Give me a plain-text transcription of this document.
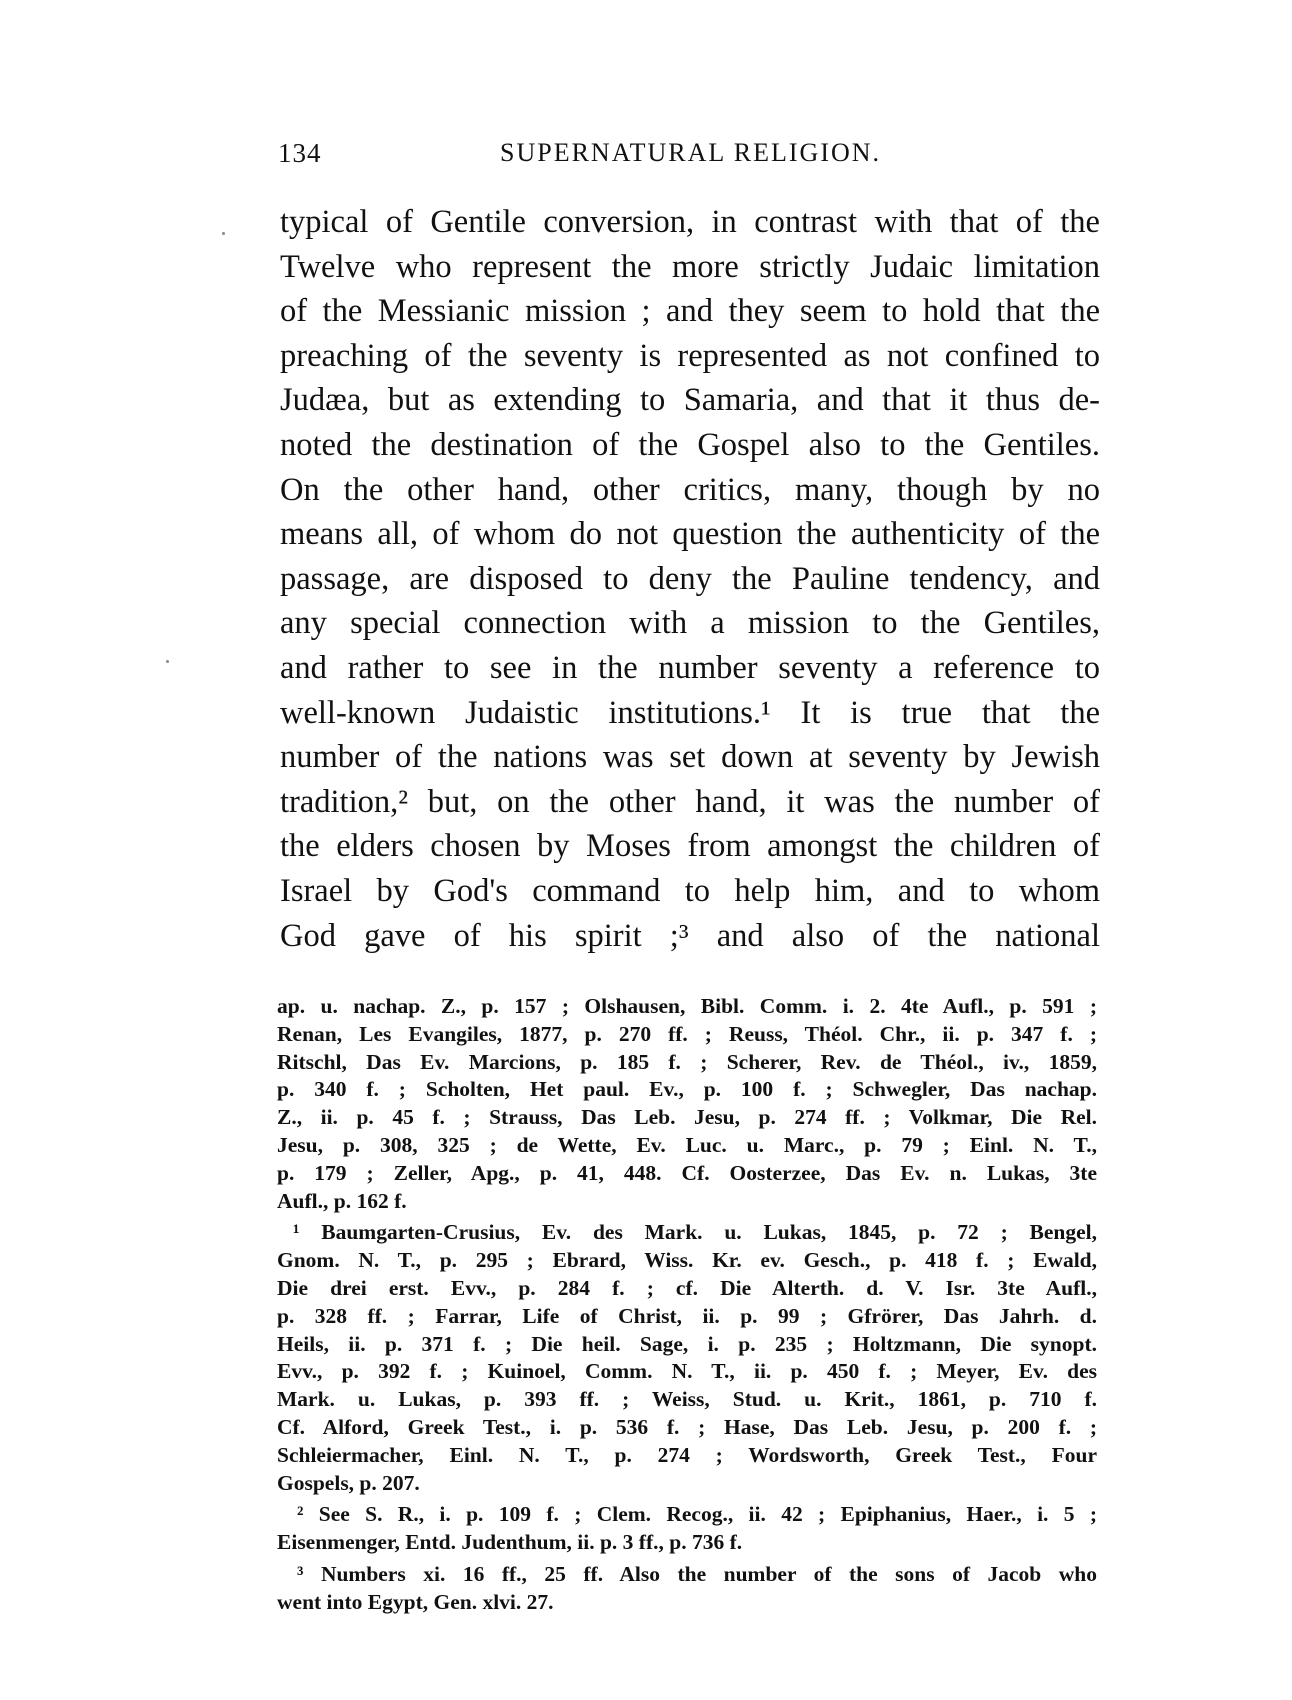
134	SUPERNATURAL RELIGION.
typical of Gentile conversion, in contrast with that of the
Twelve who represent the more strictly Judaic limitation
of the Messianic mission ; and they seem to hold that the
preaching of the seventy is represented as not confined to
Judæa, but as extending to Samaria, and that it thus de-
noted the destination of the Gospel also to the Gentiles.
On the other hand, other critics, many, though by no
means all, of whom do not question the authenticity of the
passage, are disposed to deny the Pauline tendency, and
any special connection with a mission to the Gentiles,
and rather to see in the number seventy a reference to
well-known Judaistic institutions.¹ It is true that the
number of the nations was set down at seventy by Jewish
tradition,² but, on the other hand, it was the number of
the elders chosen by Moses from amongst the children of
Israel by God's command to help him, and to whom
God gave of his spirit ;³ and also of the national
ap. u. nachap. Z., p. 157 ; Olshausen, Bibl. Comm. i. 2. 4te Aufl., p. 591 ;
Renan, Les Evangiles, 1877, p. 270 ff. ; Reuss, Théol. Chr., ii. p. 347 f. ;
Ritschl, Das Ev. Marcions, p. 185 f. ; Scherer, Rev. de Théol., iv., 1859,
p. 340 f. ; Scholten, Het paul. Ev., p. 100 f. ; Schwegler, Das nachap.
Z., ii. p. 45 f. ; Strauss, Das Leb. Jesu, p. 274 ff. ; Volkmar, Die Rel.
Jesu, p. 308, 325 ; de Wette, Ev. Luc. u. Marc., p. 79 ; Einl. N. T.,
p. 179 ; Zeller, Apg., p. 41, 448. Cf. Oosterzee, Das Ev. n. Lukas, 3te
Aufl., p. 162 f.
¹ Baumgarten-Crusius, Ev. des Mark. u. Lukas, 1845, p. 72 ; Bengel,
Gnom. N. T., p. 295 ; Ebrard, Wiss. Kr. ev. Gesch., p. 418 f. ; Ewald,
Die drei erst. Evv., p. 284 f. ; cf. Die Alterth. d. V. Isr. 3te Aufl.,
p. 328 ff. ; Farrar, Life of Christ, ii. p. 99 ; Gfrörer, Das Jahrh. d.
Heils, ii. p. 371 f. ; Die heil. Sage, i. p. 235 ; Holtzmann, Die synopt.
Evv., p. 392 f. ; Kuinoel, Comm. N. T., ii. p. 450 f. ; Meyer, Ev. des
Mark. u. Lukas, p. 393 ff. ; Weiss, Stud. u. Krit., 1861, p. 710 f.
Cf. Alford, Greek Test., i. p. 536 f. ; Hase, Das Leb. Jesu, p. 200 f. ;
Schleiermacher, Einl. N. T., p. 274 ; Wordsworth, Greek Test., Four
Gospels, p. 207.
² See S. R., i. p. 109 f. ; Clem. Recog., ii. 42 ; Epiphanius, Haer., i. 5 ;
Eisenmenger, Entd. Judenthum, ii. p. 3 ff., p. 736 f.
³ Numbers xi. 16 ff., 25 ff. Also the number of the sons of Jacob who
went into Egypt, Gen. xlvi. 27.
